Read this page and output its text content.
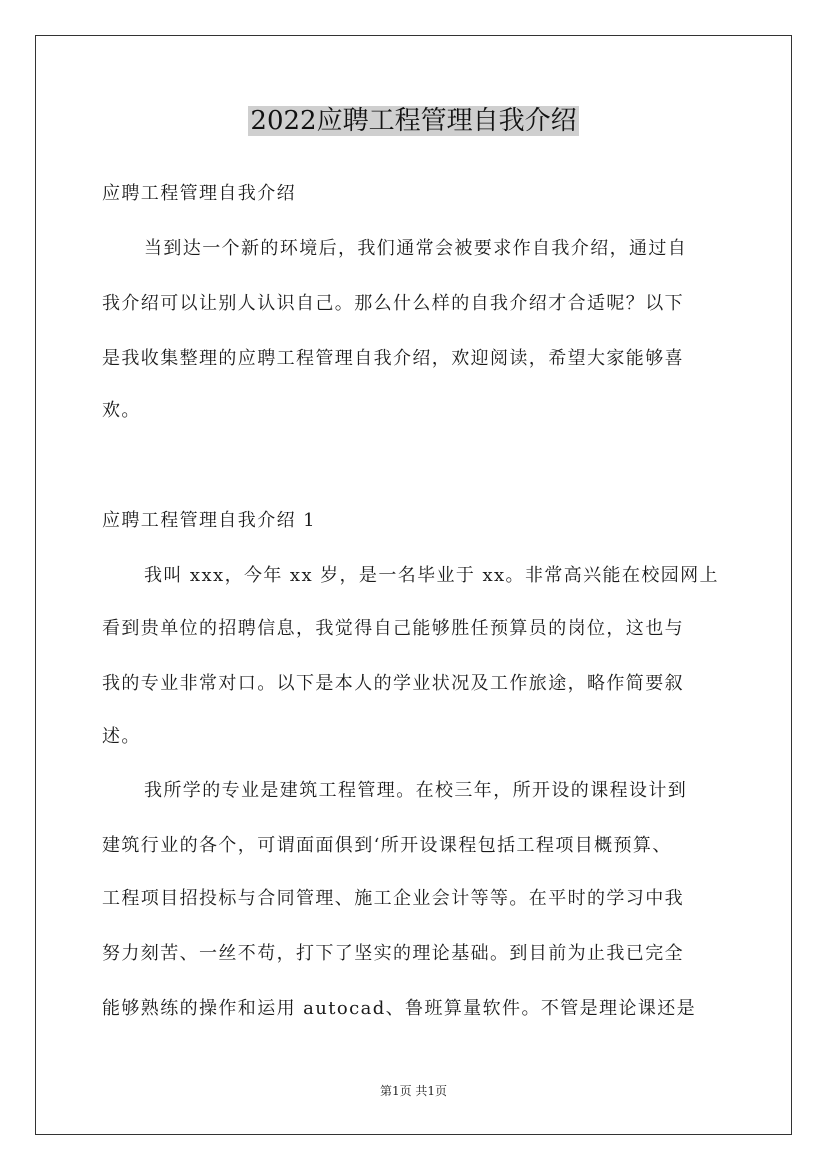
2022应聘工程管理自我介绍
应聘工程管理自我介绍
当到达一个新的环境后，我们通常会被要求作自我介绍，通过自
我介绍可以让别人认识自己。那么什么样的自我介绍才合适呢？以下
是我收集整理的应聘工程管理自我介绍，欢迎阅读，希望大家能够喜
欢。
应聘工程管理自我介绍 1
我叫 xxx，今年 xx 岁，是一名毕业于 xx。非常高兴能在校园网上
看到贵单位的招聘信息，我觉得自己能够胜任预算员的岗位，这也与
我的专业非常对口。以下是本人的学业状况及工作旅途，略作简要叙
述。
我所学的专业是建筑工程管理。在校三年，所开设的课程设计到
建筑行业的各个，可谓面面俱到‘所开设课程包括工程项目概预算、
工程项目招投标与合同管理、施工企业会计等等。在平时的学习中我
努力刻苦、一丝不苟，打下了坚实的理论基础。到目前为止我已完全
能够熟练的操作和运用 autocad、鲁班算量软件。不管是理论课还是
第1页 共1页
